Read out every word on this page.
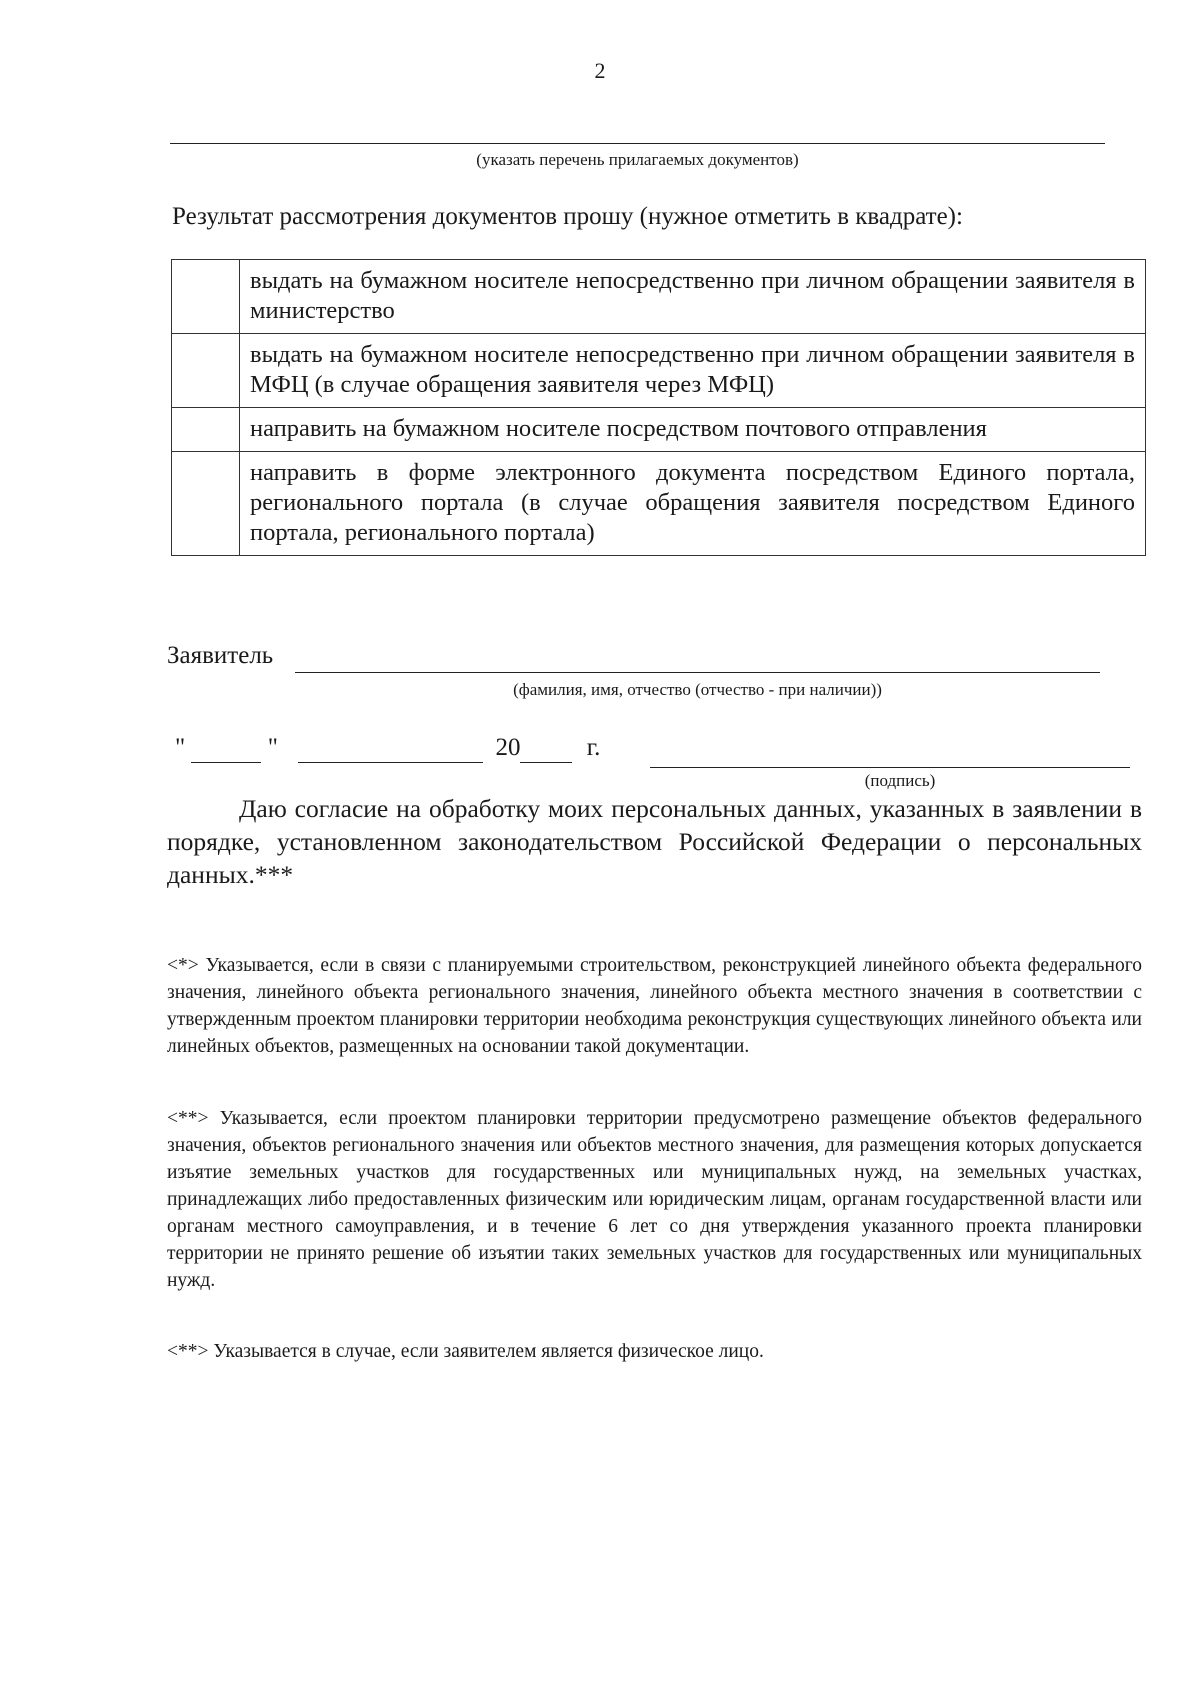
2
(указать перечень прилагаемых документов)
Результат рассмотрения документов прошу (нужное отметить в квадрате):
	выдать на бумажном носителе непосредственно при личном обращении заявителя в министерство
	выдать на бумажном носителе непосредственно при личном обращении заявителя в МФЦ (в случае обращения заявителя через МФЦ)
	направить на бумажном носителе посредством почтового отправления
	направить в форме электронного документа посредством Единого портала, регионального портала (в случае обращения заявителя посредством Единого портала, регионального портала)
Заявитель
(фамилия, имя, отчество (отчество - при наличии))
"	"	20	г.
(подпись)
Даю согласие на обработку моих персональных данных, указанных в заявлении в порядке, установленном законодательством Российской Федерации о персональных данных.***
<*> Указывается, если в связи с планируемыми строительством, реконструкцией линейного объекта федерального значения, линейного объекта регионального значения, линейного объекта местного значения в соответствии с утвержденным проектом планировки территории необходима реконструкция существующих линейного объекта или линейных объектов, размещенных на основании такой документации.
<**> Указывается, если проектом планировки территории предусмотрено размещение объектов федерального значения, объектов регионального значения или объектов местного значения, для размещения которых допускается изъятие земельных участков для государственных или муниципальных нужд, на земельных участках, принадлежащих либо предоставленных физическим или юридическим лицам, органам государственной власти или органам местного самоуправления, и в течение 6 лет со дня утверждения указанного проекта планировки территории не принято решение об изъятии таких земельных участков для государственных или муниципальных нужд.
<**> Указывается в случае, если заявителем является физическое лицо.
